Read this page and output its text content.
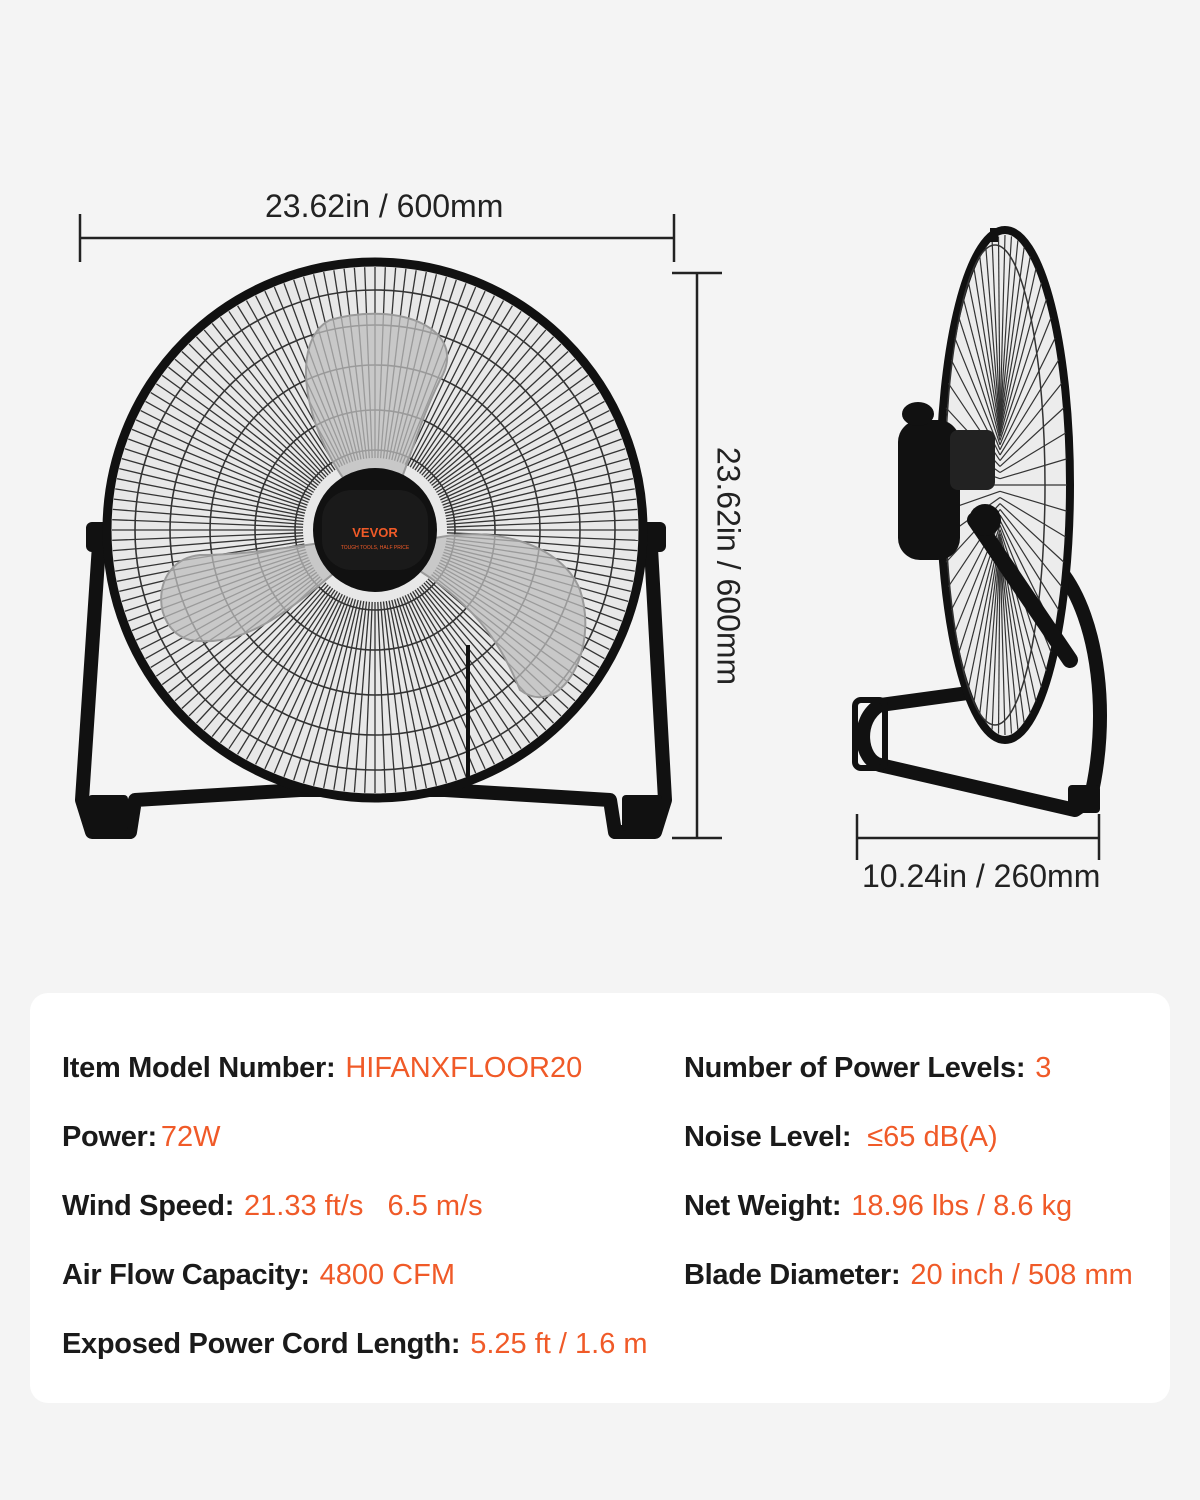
VEVOR
TOUGH TOOLS, HALF PRICE
23.62in / 600mm
23.62in / 600mm
10.24in / 260mm
Item Model Number: HIFANXFLOOR20
Power: 72W
Wind Speed: 21.33 ft/s   6.5 m/s
Air Flow Capacity: 4800 CFM
Exposed Power Cord Length: 5.25 ft / 1.6 m
Number of Power Levels: 3
Noise Level: ≤65 dB(A)
Net Weight: 18.96 lbs / 8.6 kg
Blade Diameter: 20 inch / 508 mm
